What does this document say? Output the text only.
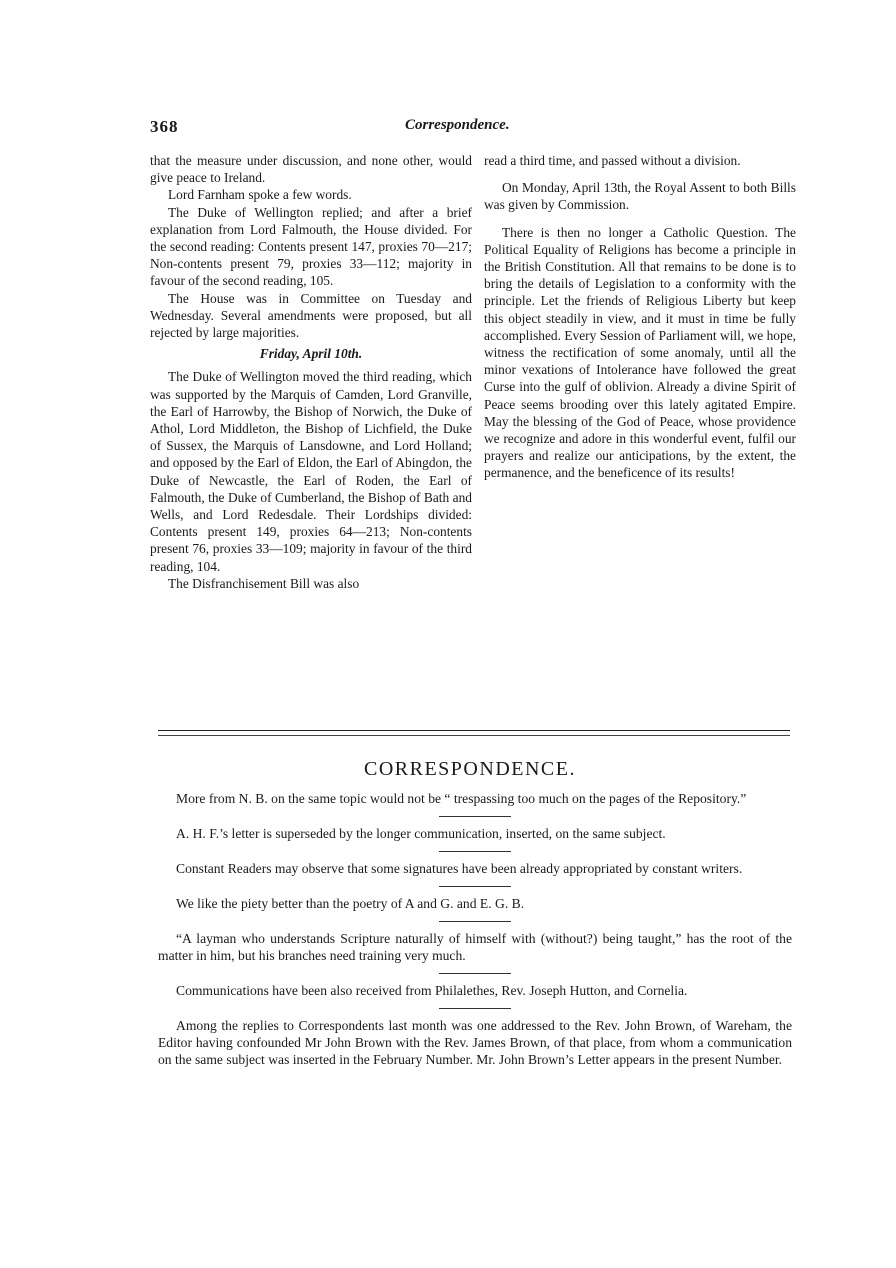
368	Correspondence.

that the measure under discussion, and none other, would give peace to Ireland.

Lord Farnham spoke a few words.

The Duke of Wellington replied; and after a brief explanation from Lord Falmouth, the House divided. For the second reading: Contents present 147, proxies 70—217; Non-contents present 79, proxies 33—112; majority in favour of the second reading, 105.

The House was in Committee on Tuesday and Wednesday. Several amendments were proposed, but all rejected by large majorities.

Friday, April 10th.

The Duke of Wellington moved the third reading, which was supported by the Marquis of Camden, Lord Granville, the Earl of Harrowby, the Bishop of Norwich, the Duke of Athol, Lord Middleton, the Bishop of Lichfield, the Duke of Sussex, the Marquis of Lansdowne, and Lord Holland; and opposed by the Earl of Eldon, the Earl of Abingdon, the Duke of Newcastle, the Earl of Roden, the Earl of Falmouth, the Duke of Cumberland, the Bishop of Bath and Wells, and Lord Redesdale. Their Lordships divided: Contents present 149, proxies 64—213; Non-contents present 76, proxies 33—109; majority in favour of the third reading, 104.

The Disfranchisement Bill was also

read a third time, and passed without a division.

On Monday, April 13th, the Royal Assent to both Bills was given by Commission.

There is then no longer a Catholic Question. The Political Equality of Religions has become a principle in the British Constitution. All that remains to be done is to bring the details of Legislation to a conformity with the principle. Let the friends of Religious Liberty but keep this object steadily in view, and it must in time be fully accomplished. Every Session of Parliament will, we hope, witness the rectification of some anomaly, until all the minor vexations of Intolerance have followed the great Curse into the gulf of oblivion. Already a divine Spirit of Peace seems brooding over this lately agitated Empire. May the blessing of the God of Peace, whose providence we recognize and adore in this wonderful event, fulfil our prayers and realize our anticipations, by the extent, the permanence, and the beneficence of its results!

CORRESPONDENCE.

More from N. B. on the same topic would not be “ trespassing too much on the pages of the Repository.”

A. H. F.’s letter is superseded by the longer communication, inserted, on the same subject.

Constant Readers may observe that some signatures have been already appropriated by constant writers.

We like the piety better than the poetry of A and G. and E. G. B.

“A layman who understands Scripture naturally of himself with (without?) being taught,” has the root of the matter in him, but his branches need training very much.

Communications have been also received from Philalethes, Rev. Joseph Hutton, and Cornelia.

Among the replies to Correspondents last month was one addressed to the Rev. John Brown, of Wareham, the Editor having confounded Mr John Brown with the Rev. James Brown, of that place, from whom a communication on the same subject was inserted in the February Number. Mr. John Brown’s Letter appears in the present Number.
